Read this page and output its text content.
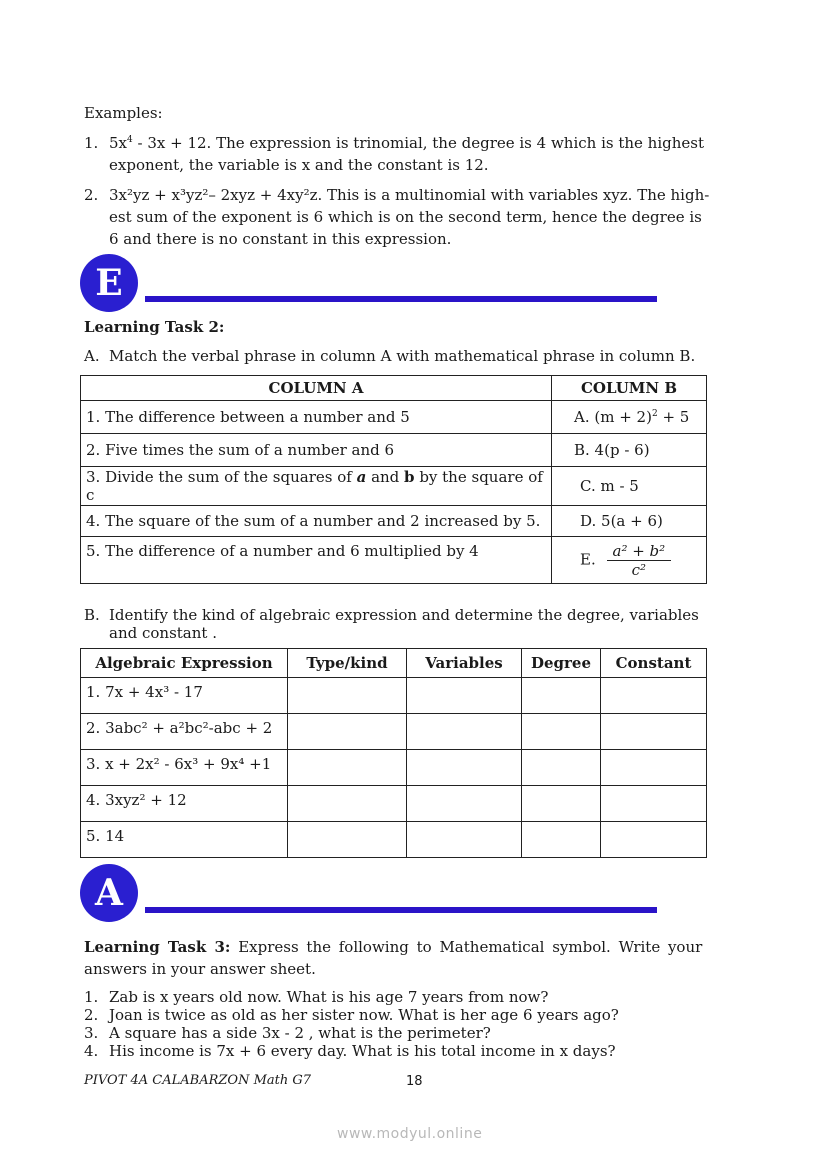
Examples:
1. $5x^4 - 3x + 12$. The expression is trinomial, the degree is 4 which is the highest
exponent, the variable is x and the constant is 12.
2. 3x²yz + x³yz²– 2xyz + 4xy²z. This is a multinomial with variables xyz. The high-
est sum of the exponent is 6 which is on the second term, hence the degree is
6 and there is no constant in this expression.
E
Learning Task 2:
A. Match the verbal phrase in column A with mathematical phrase in column B.
COLUMN A	COLUMN B
1. The difference between a number and 5	A. $(m + 2)^2 + 5$
2. Five times the sum of a number and 6	B. 4(p - 6)
3. Divide the sum of the squares of a and b by the square of c	C. m - 5
4. The square of the sum of a number and 2 increased by 5.	D. 5(a + 6)
5. The difference of a number and 6 multiplied by 4	E. $\frac{\text{a² + b²}}{\text{c²}}$
B. Identify the kind of algebraic expression and determine the degree, variables
and constant .
Algebraic Expression	Type/kind	Variables	Degree	Constant
1. 7x + 4x³ - 17				
2. 3abc² + a²bc²-abc + 2				
3. x + 2x² - 6x³ + 9x⁴ +1				
4. 3xyz² + 12				
5. 14				
A
Learning Task 3: Express the following to Mathematical symbol. Write your
answers in your answer sheet.
1. Zab is x years old now. What is his age 7 years from now?
2. Joan is twice as old as her sister now. What is her age 6 years ago?
3. A square has a side 3x - 2 , what is the perimeter?
4. His income is 7x + 6 every day. What is his total income in x days?
PIVOT 4A CALABARZON Math G7	18
www.modyul.online
